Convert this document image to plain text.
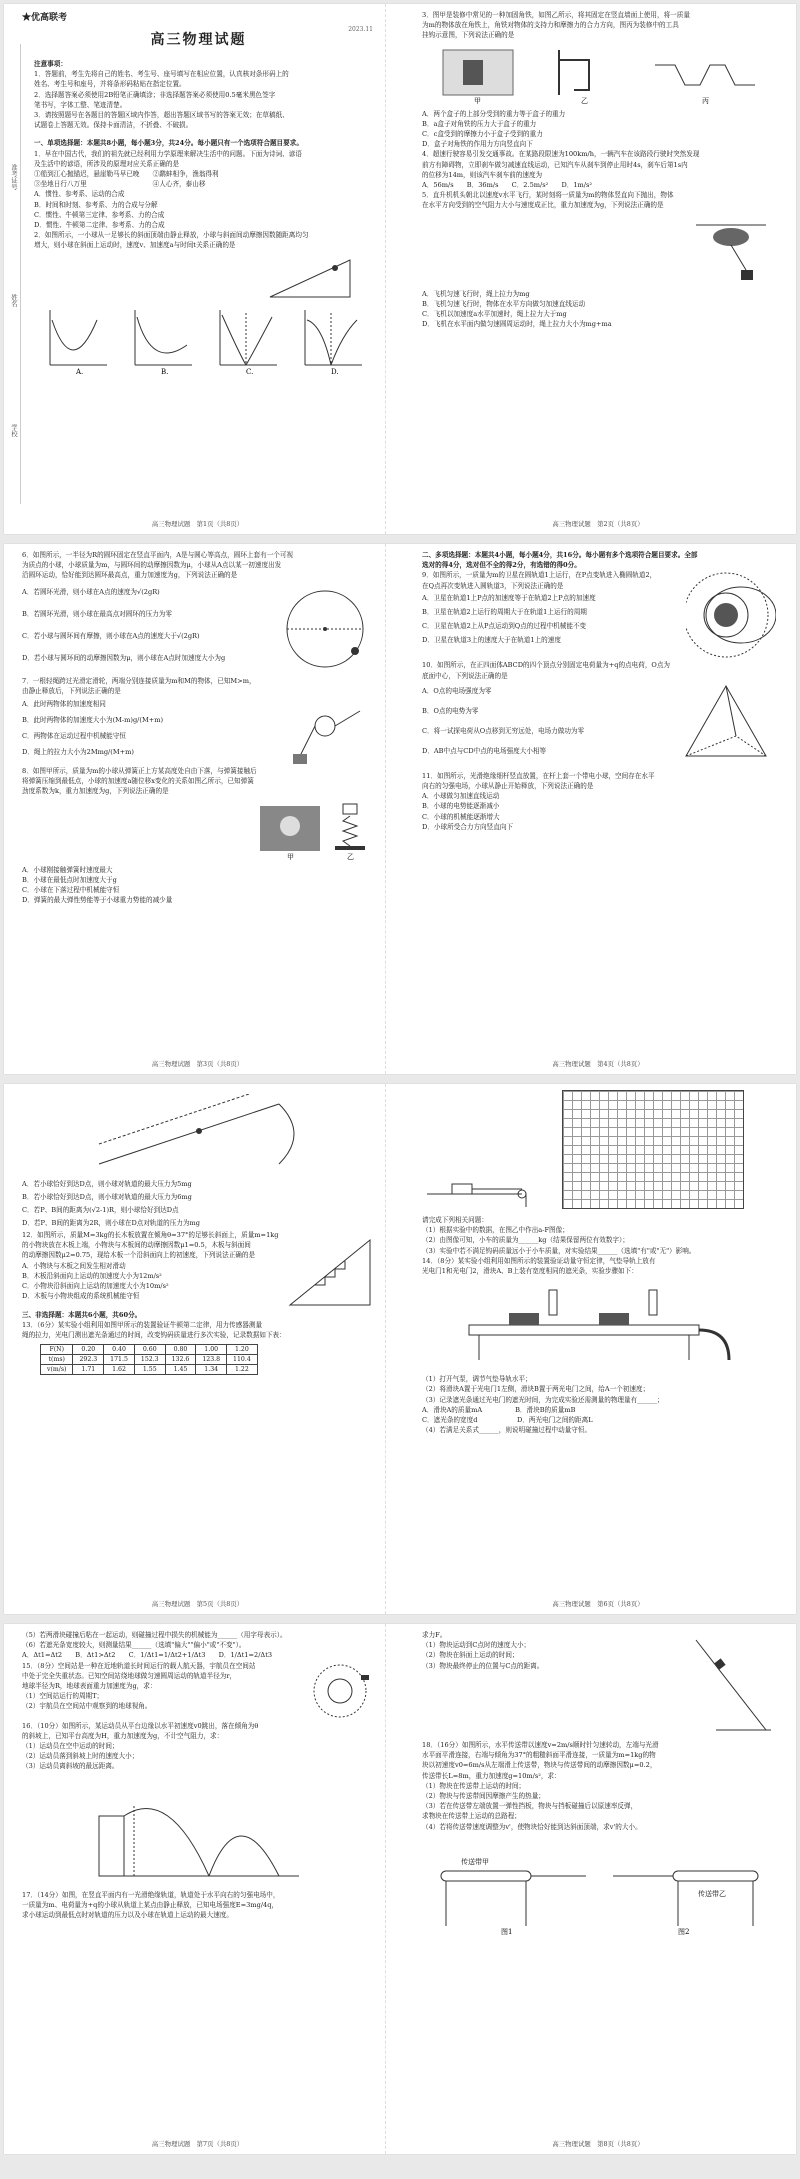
准考证号
姓名
学校
★优高联考
2023.11
高三物理试题
注意事项：
1．答题前，考生先将自己的姓名、考生号、座号填写在相应位置，认真核对条形码上的
姓名、考生号和座号，并将条形码粘贴在指定位置。
2．选择题答案必须使用2B铅笔正确填涂；非选择题答案必须使用0.5毫米黑色签字
笔书写，字体工整、笔迹清楚。
3．请按照题号在各题目的答题区域内作答，超出答题区域书写的答案无效；在草稿纸、
试题卷上答题无效。保持卡面清洁，不折叠、不破损。
一、单项选择题：本题共8小题，每小题3分，共24分。每小题只有一个选项符合题目要求。
1．早在中国古代，我们的祖先就已经利用力学原理来解决生活中的问题。下面为诗词、谚语
及生活中的谚语，所涉及的原理对应关系正确的是
①船到江心抛锚迟，悬崖勒马早已晚　　②鹬蚌相争，渔翁得利
③坐地日行八万里　　　　　　　　　　④人心齐，泰山移
A．惯性、参考系、运动的合成
B．时间和时刻、参考系、力的合成与分解
C．惯性、牛顿第三定律、参考系、力的合成
D．惯性、牛顿第二定律、参考系、力的合成
2．如图所示，一小球从一足够长的斜面顶端由静止释放，小球与斜面间动摩擦因数随距离均匀
增大，则小球在斜面上运动时，速度v、加速度a与时间t关系正确的是
A.	B.	C.	D.
高三物理试题　第1页（共8页）
3．图甲是装修中常见的一种加固角铁，如图乙所示，将其固定在竖直墙面上使用，将一质量
为m的物体放在角铁上，角铁对物体的支持力和摩擦力的合力方向，图丙为装修中的工具
挂钩示意图，下列说法正确的是
甲	乙	丙
A．两个盒子的上部分受到的重力等于盒子的重力
B．a盒子对角铁的压力大于盒子的重力
C．c盒受到的摩擦力小于盒子受到的重力
D．盒子对角铁的作用力方向竖直向下
4．超速行驶容易引发交通事故。在某路段限速为100km/h，一辆汽车在该路段行驶时突然发现
前方有障碍物，立即刹车做匀减速直线运动，已知汽车从刹车到停止用时4s，刹车后第1s内
的位移为14m，则该汽车刹车前的速度为
A．56m/s　　B．36m/s　　C．2.5m/s²　　D．1m/s²
5．直升机机头朝北以速度v水平飞行，某时刻将一质量为m的物体竖直向下抛出，物体
在水平方向受到的空气阻力大小与速度成正比，重力加速度为g，下列说法正确的是
A．飞机匀速飞行时，绳上拉力为mg
B．飞机匀速飞行时，物体在水平方向做匀加速直线运动
C．飞机以加速度a水平加速时，绳上拉力大于mg
D．飞机在水平面内做匀速圆周运动时，绳上拉力大小为mg+ma
高三物理试题　第2页（共8页）
6．如图所示，一半径为R的圆环固定在竖直平面内，A是与圆心等高点，圆环上套有一个可视
为质点的小球，小球质量为m，与圆环间的动摩擦因数为μ，小球从A点以某一初速度出发
沿圆环运动，恰好能到达圆环最高点，重力加速度为g，下列说法正确的是
A．若圆环光滑，则小球在A点的速度为√(2gR)
B．若圆环光滑，则小球在最高点对圆环的压力为零
C．若小球与圆环间有摩擦，则小球在A点的速度大于√(2gR)
D．若小球与圆环间的动摩擦因数为μ，则小球在A点时加速度大小为g
7．一根轻绳跨过光滑定滑轮，两端分别连接质量为m和M的物体，已知M>m，
由静止释放后，下列说法正确的是
A．此时两物体的加速度相同
B．此时两物体的加速度大小为(M-m)g/(M+m)
C．两物体在运动过程中机械能守恒
D．绳上的拉力大小为2Mmg/(M+m)
8．如图甲所示，质量为m的小球从弹簧正上方某高度处自由下落，与弹簧接触后
将弹簧压缩到最低点，小球的加速度a随位移x变化的关系如图乙所示，已知弹簧
劲度系数为k，重力加速度为g，下列说法正确的是
甲	乙
A．小球刚接触弹簧时速度最大
B．小球在最低点时加速度大于g
C．小球在下落过程中机械能守恒
D．弹簧的最大弹性势能等于小球重力势能的减少量
高三物理试题　第3页（共8页）
二、多项选择题：本题共4小题，每小题4分，共16分。每小题有多个选项符合题目要求。全部
选对的得4分，选对但不全的得2分，有选错的得0分。
9．如图所示，一质量为m的卫星在圆轨道1上运行，在P点变轨进入椭圆轨道2，
在Q点再次变轨进入圆轨道3，下列说法正确的是
A．卫星在轨道1上P点的加速度等于在轨道2上P点的加速度
B．卫星在轨道2上运行的周期大于在轨道1上运行的周期
C．卫星在轨道2上从P点运动到Q点的过程中机械能不变
D．卫星在轨道3上的速度大于在轨道1上的速度
10．如图所示，在正四面体ABCD的四个顶点分别固定电荷量为+q的点电荷，O点为
底面中心，下列说法正确的是
A．O点的电场强度为零
B．O点的电势为零
C．将一试探电荷从O点移到无穷远处，电场力做功为零
D．AB中点与CD中点的电场强度大小相等
11．如图所示，光滑绝缘细杆竖直放置，在杆上套一个带电小球，空间存在水平
向右的匀强电场，小球从静止开始释放，下列说法正确的是
A．小球做匀加速直线运动
B．小球的电势能逐渐减小
C．小球的机械能逐渐增大
D．小球所受合力方向竖直向下
高三物理试题　第4页（共8页）
A．若小球恰好到达D点，则小球对轨道的最大压力为5mg
B．若小球恰好到达D点，则小球对轨道的最大压力为6mg
C．若P、B间的距离为(√2-1)R，则小球恰好到达D点
D．若P、B间的距离为2R，则小球在D点对轨道的压力为mg
12．如图所示，质量M=3kg的长木板放置在倾角θ=37°的足够长斜面上，质量m=1kg
的小物块放在木板上端，小物块与木板间的动摩擦因数μ1=0.5，木板与斜面间
的动摩擦因数μ2=0.75，现给木板一个沿斜面向上的初速度，下列说法正确的是
A．小物块与木板之间发生相对滑动
B．木板沿斜面向上运动的加速度大小为12m/s²
C．小物块沿斜面向上运动的加速度大小为10m/s²
D．木板与小物块组成的系统机械能守恒
三、非选择题：本题共6小题，共60分。
13．（6分）某实验小组利用如图甲所示的装置验证牛顿第二定律，用力传感器测量
绳的拉力，光电门测出遮光条通过的时间，改变钩码质量进行多次实验，记录数据如下表：
F(N)	0.20	0.40	0.60	0.80	1.00	1.20
t(ms)	292.3	171.5	152.3	132.6	123.8	110.4
v(m/s)	1.71	1.62	1.55	1.45	1.34	1.22
高三物理试题　第5页（共8页）
请完成下列相关问题：
（1）根据实验中的数据，在图乙中作出a-F图像；
（2）由图像可知，小车的质量为______kg（结果保留两位有效数字）；
（3）实验中若不满足钩码质量远小于小车质量，对实验结果______（选填"有"或"无"）影响。
14．（8分）某实验小组利用如图所示的装置验证动量守恒定律，气垫导轨上放有
光电门1和光电门2，滑块A、B上装有宽度相同的遮光条，实验步骤如下：
（1）打开气泵，调节气垫导轨水平；
（2）将滑块A置于光电门1左侧，滑块B置于两光电门之间，给A一个初速度；
（3）记录遮光条通过光电门的遮光时间，为完成实验还需测量的物理量有______；
A．滑块A的质量mA　　　　　B．滑块B的质量mB
C．遮光条的宽度d　　　　　　D．两光电门之间的距离L
（4）若满足关系式______，则说明碰撞过程中动量守恒。
高三物理试题　第6页（共8页）
（5）若两滑块碰撞后粘在一起运动，则碰撞过程中损失的机械能为______（用字母表示）。
（6）若遮光条宽度较大，则测量结果______（选填"偏大""偏小"或"不变"）。
A．Δt1=Δt2　　B．Δt1>Δt2　　C．1/Δt1=1/Δt2+1/Δt3　　D．1/Δt1=2/Δt3
15．（8分）空间站是一种在近地轨道长时间运行的载人航天器，宇航员在空间站
中处于完全失重状态。已知空间站绕地球做匀速圆周运动的轨道半径为r，
地球半径为R，地球表面重力加速度为g，求：
（1）空间站运行的周期T；
（2）宇航员在空间站中观察到的地球视角。
16．（10分）如图所示，某运动员从平台边缘以水平初速度v0跳出，落在倾角为θ
的斜坡上，已知平台高度为H，重力加速度为g，不计空气阻力，求：
（1）运动员在空中运动的时间；
（2）运动员落到斜坡上时的速度大小；
（3）运动员离斜坡的最远距离。
17．（14分）如图，在竖直平面内有一光滑绝缘轨道，轨道处于水平向右的匀强电场中，
一质量为m、电荷量为+q的小球从轨道上某点由静止释放，已知电场强度E=3mg/4q，
求小球运动到最低点时对轨道的压力以及小球在轨道上运动的最大速度。
高三物理试题　第7页（共8页）
求力F。
（1）物块运动到C点时的速度大小；
（2）物块在斜面上运动的时间；
（3）物块最终停止的位置与C点的距离。
18．（16分）如图所示，水平传送带以速度v=2m/s顺时针匀速转动，左端与光滑
水平面平滑连接，右端与倾角为37°的粗糙斜面平滑连接，一质量为m=1kg的物
块以初速度v0=6m/s从左端滑上传送带，物块与传送带间的动摩擦因数μ=0.2，
传送带长L=8m，重力加速度g=10m/s²，求：
（1）物块在传送带上运动的时间；
（2）物块与传送带间因摩擦产生的热量；
（3）若在传送带左端放置一弹性挡板，物块与挡板碰撞后以原速率反弹，
求物块在传送带上运动的总路程；
（4）若将传送带速度调整为v'，使物块恰好能到达斜面顶端，求v'的大小。
传送带甲
图1
传送带乙
图2
高三物理试题　第8页（共8页）
